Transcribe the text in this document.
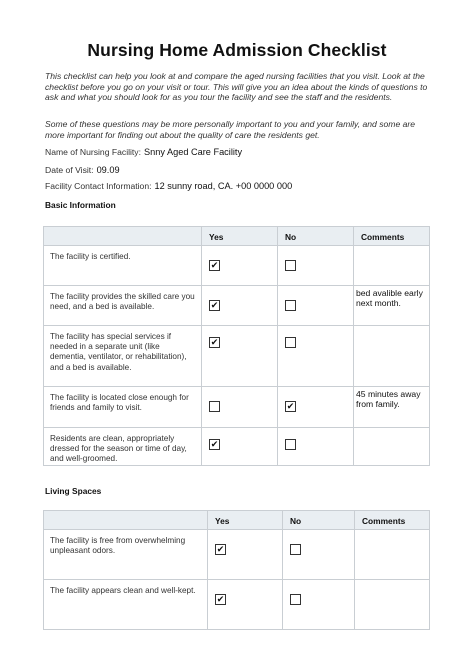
Nursing Home Admission Checklist
This checklist can help you look at and compare the aged nursing facilities that you visit. Look at the checklist before you go on your visit or tour. This will give you an idea about the kinds of questions to ask and what you should look for as you tour the facility and see the staff and the residents.
Some of these questions may be more personally important to you and your family, and some are more important for finding out about the quality of care the residents get.
Name of Nursing Facility: Snny Aged Care Facility
Date of Visit: 09.09
Facility Contact Information: 12 sunny road, CA. +00 0000 000
Basic Information
	Yes	No	Comments
The facility is certified.	✔		

The facility provides the skilled care you need, and a bed is available.	✔		bed avalible early next month.
The facility has special services if needed in a separate unit (like dementia, ventilator, or rehabilitation), and a bed is available.	✔		

The facility is located close enough for friends and family to visit.		✔	45 minutes away from family.
Residents are clean, appropriately dressed for the season or time of day, and well-groomed.	✔		

Living Spaces
	Yes	No	Comments
The facility is free from overwhelming unpleasant odors.	✔		

The facility appears clean and well-kept.	✔		
